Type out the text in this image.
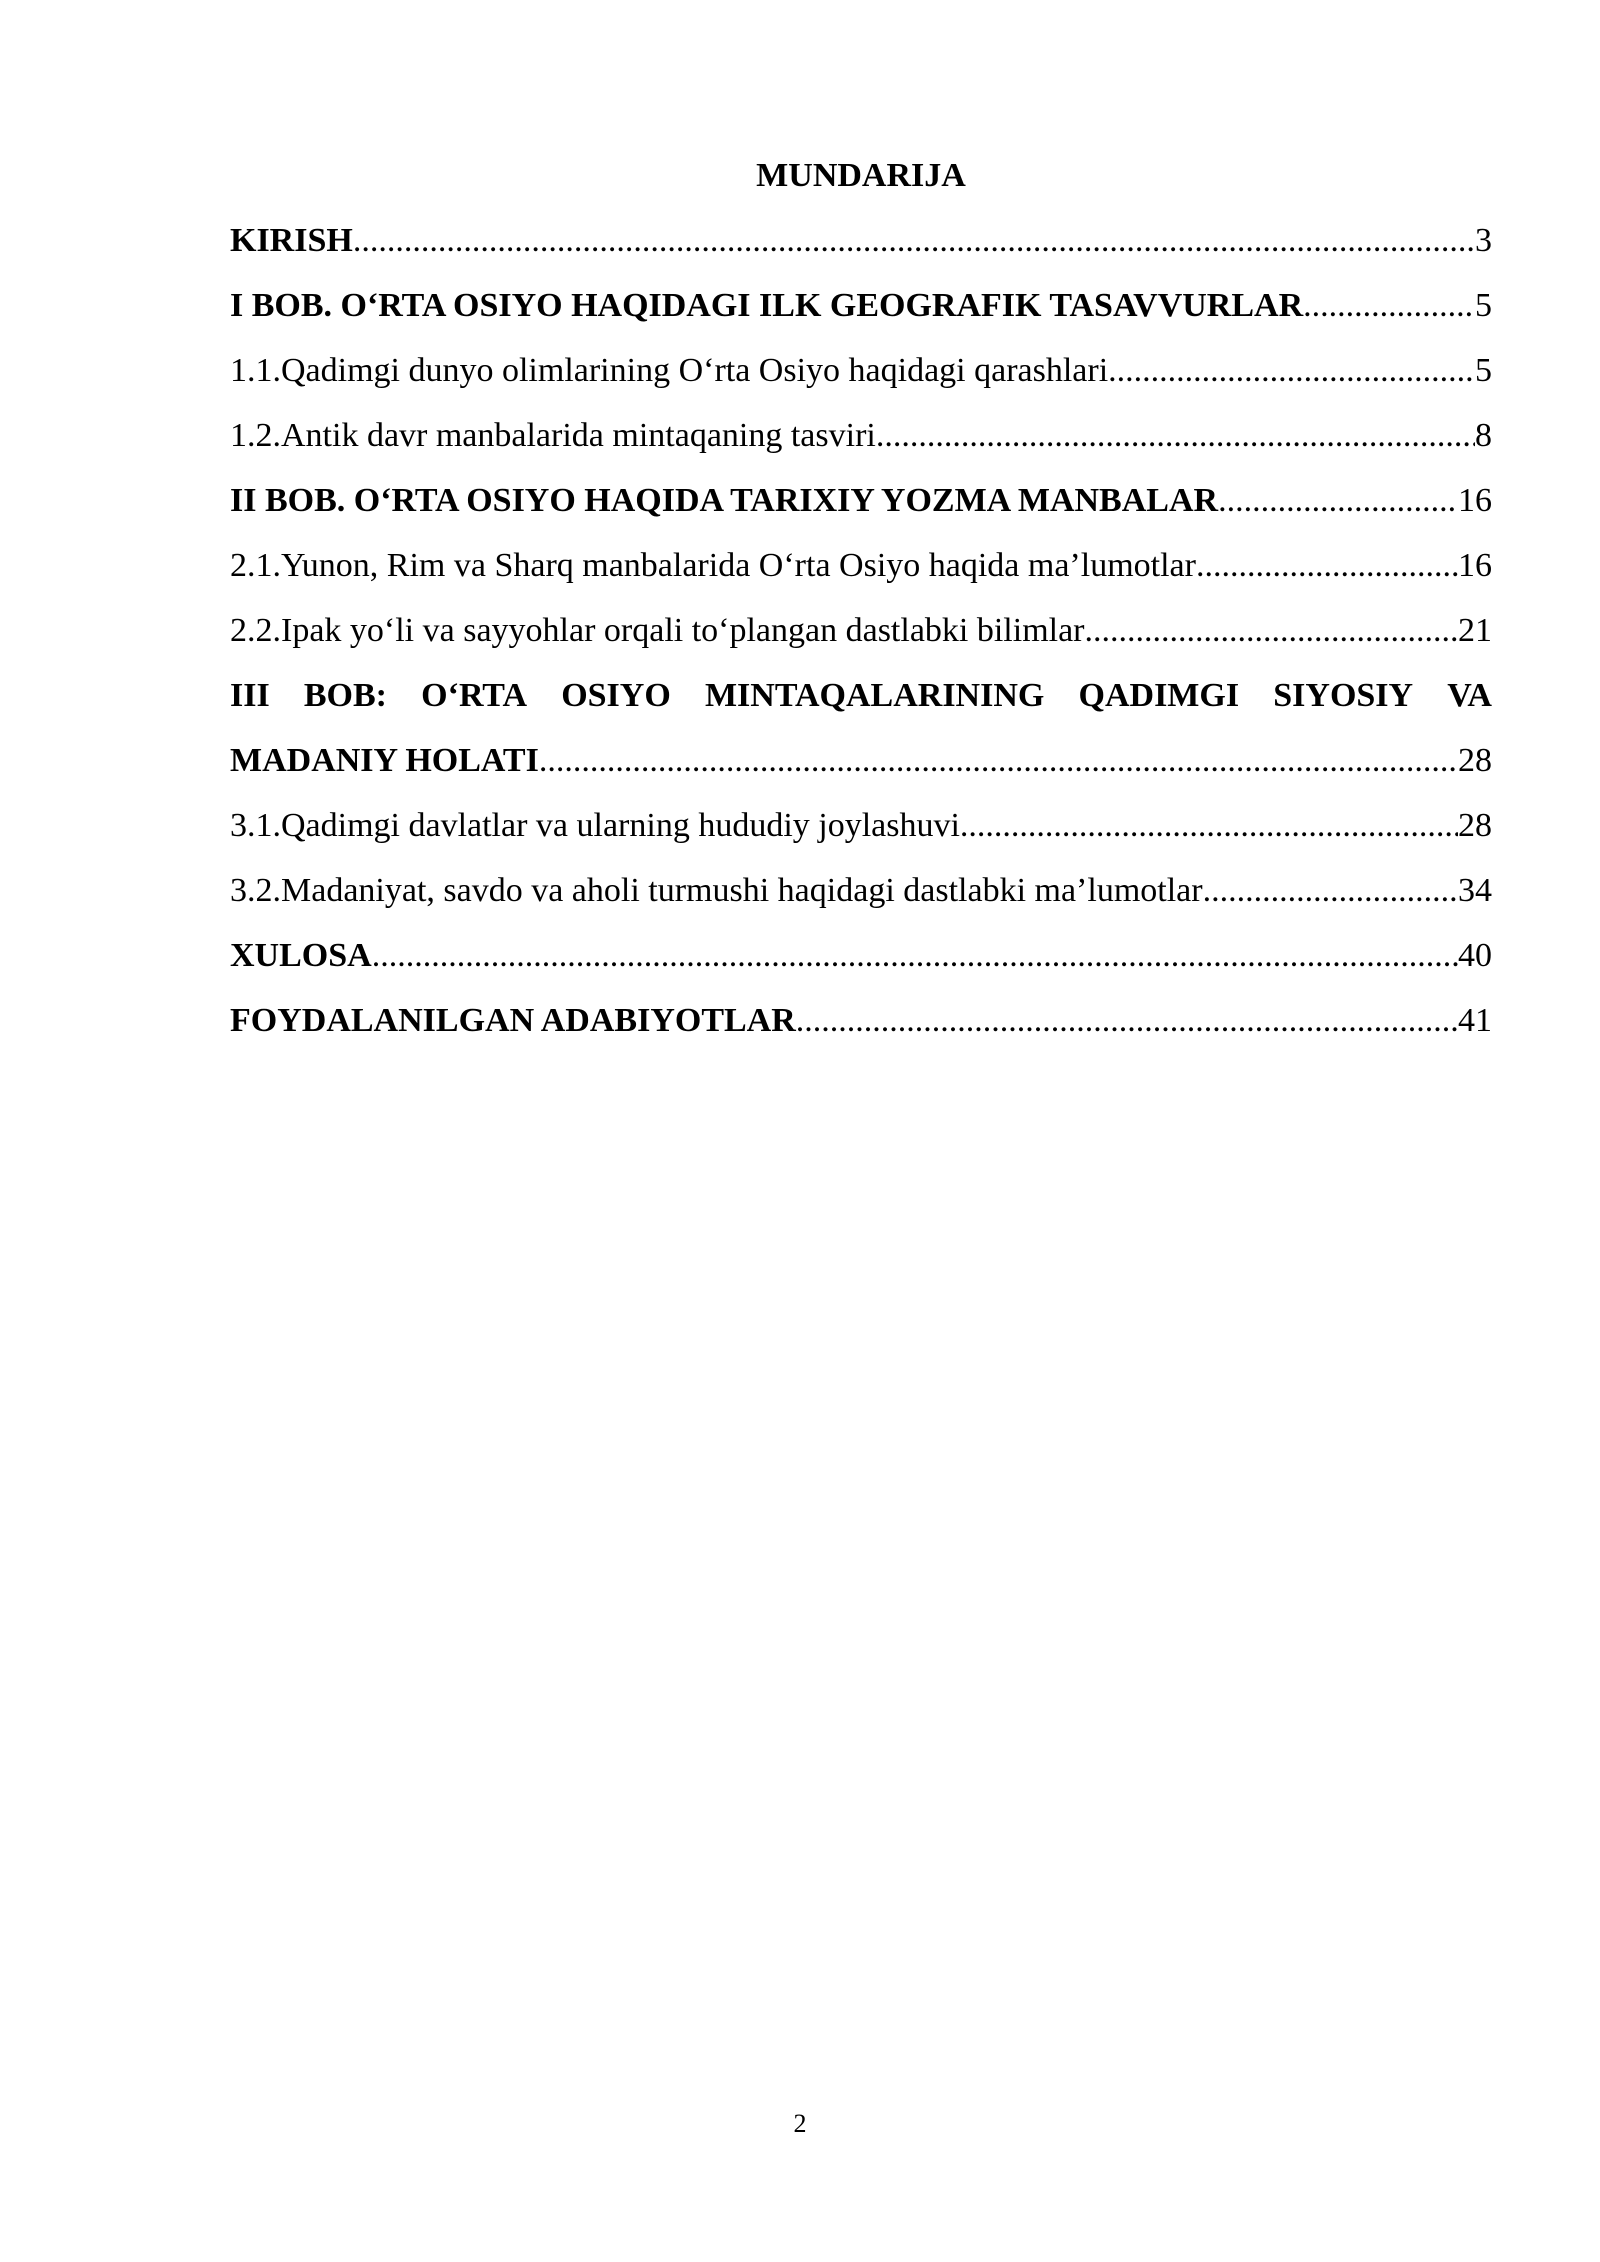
MUNDARIJA
KIRISH .....	3
I BOB. O‘RTA OSIYO HAQIDAGI ILK GEOGRAFIK TASAVVURLAR .....	5
1.1.Qadimgi dunyo olimlarining O‘rta Osiyo haqidagi qarashlari .....	5
1.2.Antik davr manbalarida mintaqaning tasviri .....	8
II BOB. O‘RTA OSIYO HAQIDA TARIXIY YOZMA MANBALAR .....	16
2.1.Yunon, Rim va Sharq manbalarida O‘rta Osiyo haqida ma’lumotlar .....	16
2.2.Ipak yo‘li va sayyohlar orqali to‘plangan dastlabki bilimlar .....	21
III BOB: O‘RTA OSIYO MINTAQALARINING QADIMGI SIYOSIY VA
MADANIY HOLATI .....	28
3.1.Qadimgi davlatlar va ularning hududiy joylashuvi .....	28
3.2.Madaniyat, savdo va aholi turmushi haqidagi dastlabki ma’lumotlar .....	34
XULOSA .....	40
FOYDALANILGAN ADABIYOTLAR .....	41
2
